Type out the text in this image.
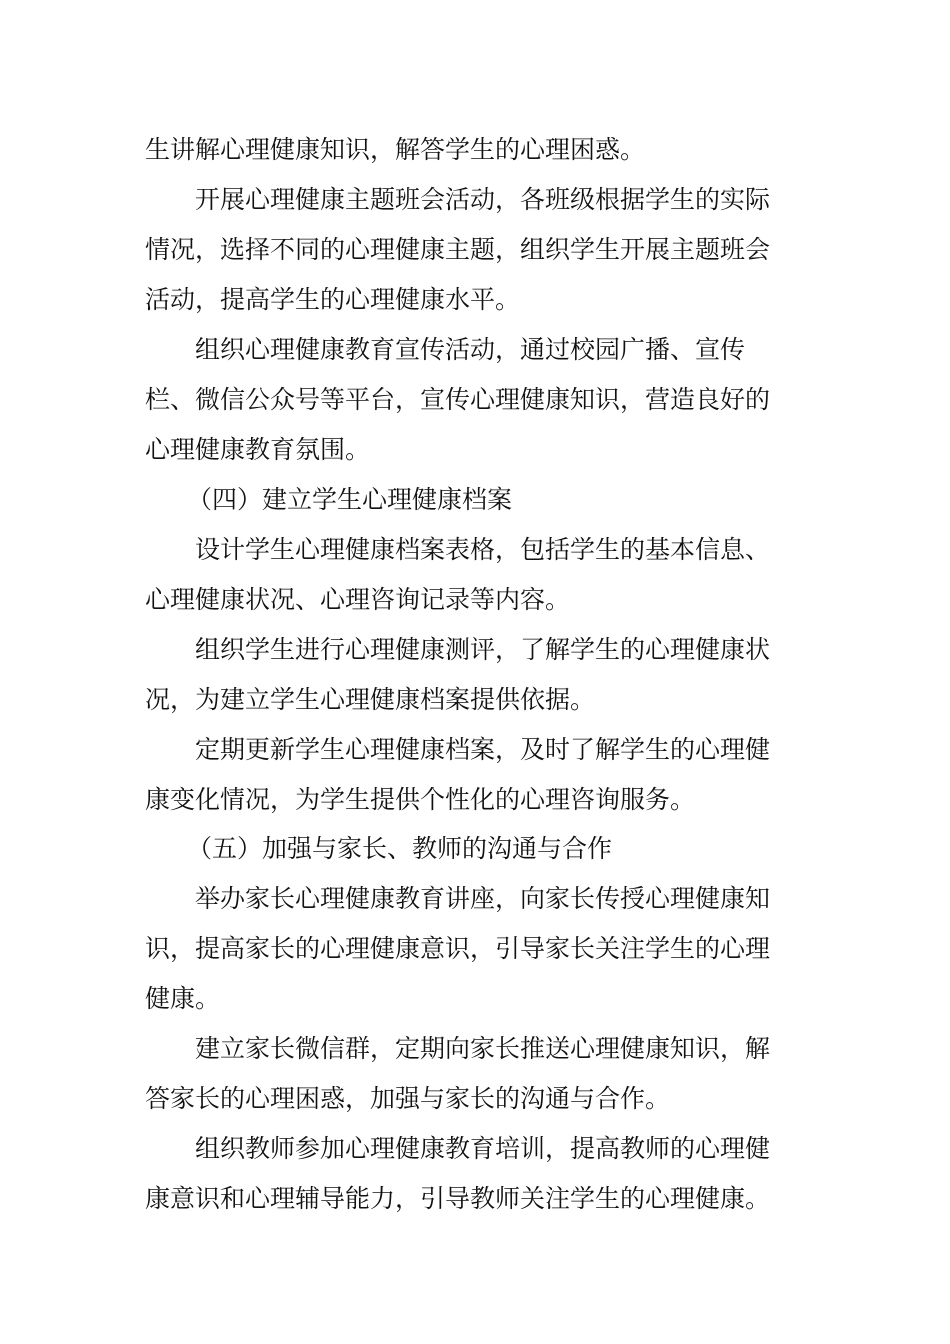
生讲解心理健康知识，解答学生的心理困惑。
开展心理健康主题班会活动，各班级根据学生的实际
情况，选择不同的心理健康主题，组织学生开展主题班会
活动，提高学生的心理健康水平。
组织心理健康教育宣传活动，通过校园广播、宣传
栏、微信公众号等平台，宣传心理健康知识，营造良好的
心理健康教育氛围。
（四）建立学生心理健康档案
设计学生心理健康档案表格，包括学生的基本信息、
心理健康状况、心理咨询记录等内容。
组织学生进行心理健康测评，了解学生的心理健康状
况，为建立学生心理健康档案提供依据。
定期更新学生心理健康档案，及时了解学生的心理健
康变化情况，为学生提供个性化的心理咨询服务。
（五）加强与家长、教师的沟通与合作
举办家长心理健康教育讲座，向家长传授心理健康知
识，提高家长的心理健康意识，引导家长关注学生的心理
健康。
建立家长微信群，定期向家长推送心理健康知识，解
答家长的心理困惑，加强与家长的沟通与合作。
组织教师参加心理健康教育培训，提高教师的心理健
康意识和心理辅导能力，引导教师关注学生的心理健康。
